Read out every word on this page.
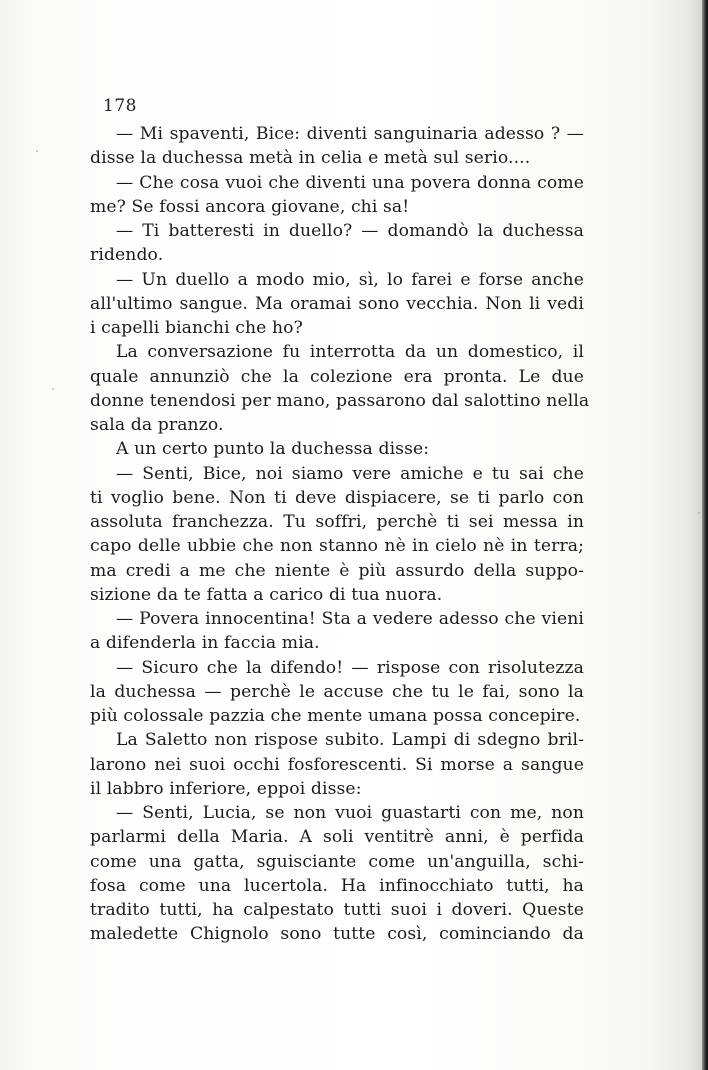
178
— Mi spaventi, Bice: diventi sanguinaria adesso ? —
disse la duchessa metà in celia e metà sul serio....
— Che cosa vuoi che diventi una povera donna come
me? Se fossi ancora giovane, chi sa!
— Ti batteresti in duello? — domandò la duchessa
ridendo.
— Un duello a modo mio, sì, lo farei e forse anche
all'ultimo sangue. Ma oramai sono vecchia. Non li vedi
i capelli bianchi che ho?
La conversazione fu interrotta da un domestico, il
quale annunziò che la colezione era pronta. Le due
donne tenendosi per mano, passarono dal salottino nella
sala da pranzo.
A un certo punto la duchessa disse:
— Senti, Bice, noi siamo vere amiche e tu sai che
ti voglio bene. Non ti deve dispiacere, se ti parlo con
assoluta franchezza. Tu soffri, perchè ti sei messa in
capo delle ubbie che non stanno nè in cielo nè in terra;
ma credi a me che niente è più assurdo della suppo-
sizione da te fatta a carico di tua nuora.
— Povera innocentina! Sta a vedere adesso che vieni
a difenderla in faccia mia.
— Sicuro che la difendo! — rispose con risolutezza
la duchessa — perchè le accuse che tu le fai, sono la
più colossale pazzia che mente umana possa concepire.
La Saletto non rispose subito. Lampi di sdegno bril-
larono nei suoi occhi fosforescenti. Si morse a sangue
il labbro inferiore, eppoi disse:
— Senti, Lucia, se non vuoi guastarti con me, non
parlarmi della Maria. A soli ventitrè anni, è perfida
come una gatta, sguisciante come un'anguilla, schi-
fosa come una lucertola. Ha infinocchiato tutti, ha
tradito tutti, ha calpestato tutti suoi i doveri. Queste
maledette Chignolo sono tutte così, cominciando da
